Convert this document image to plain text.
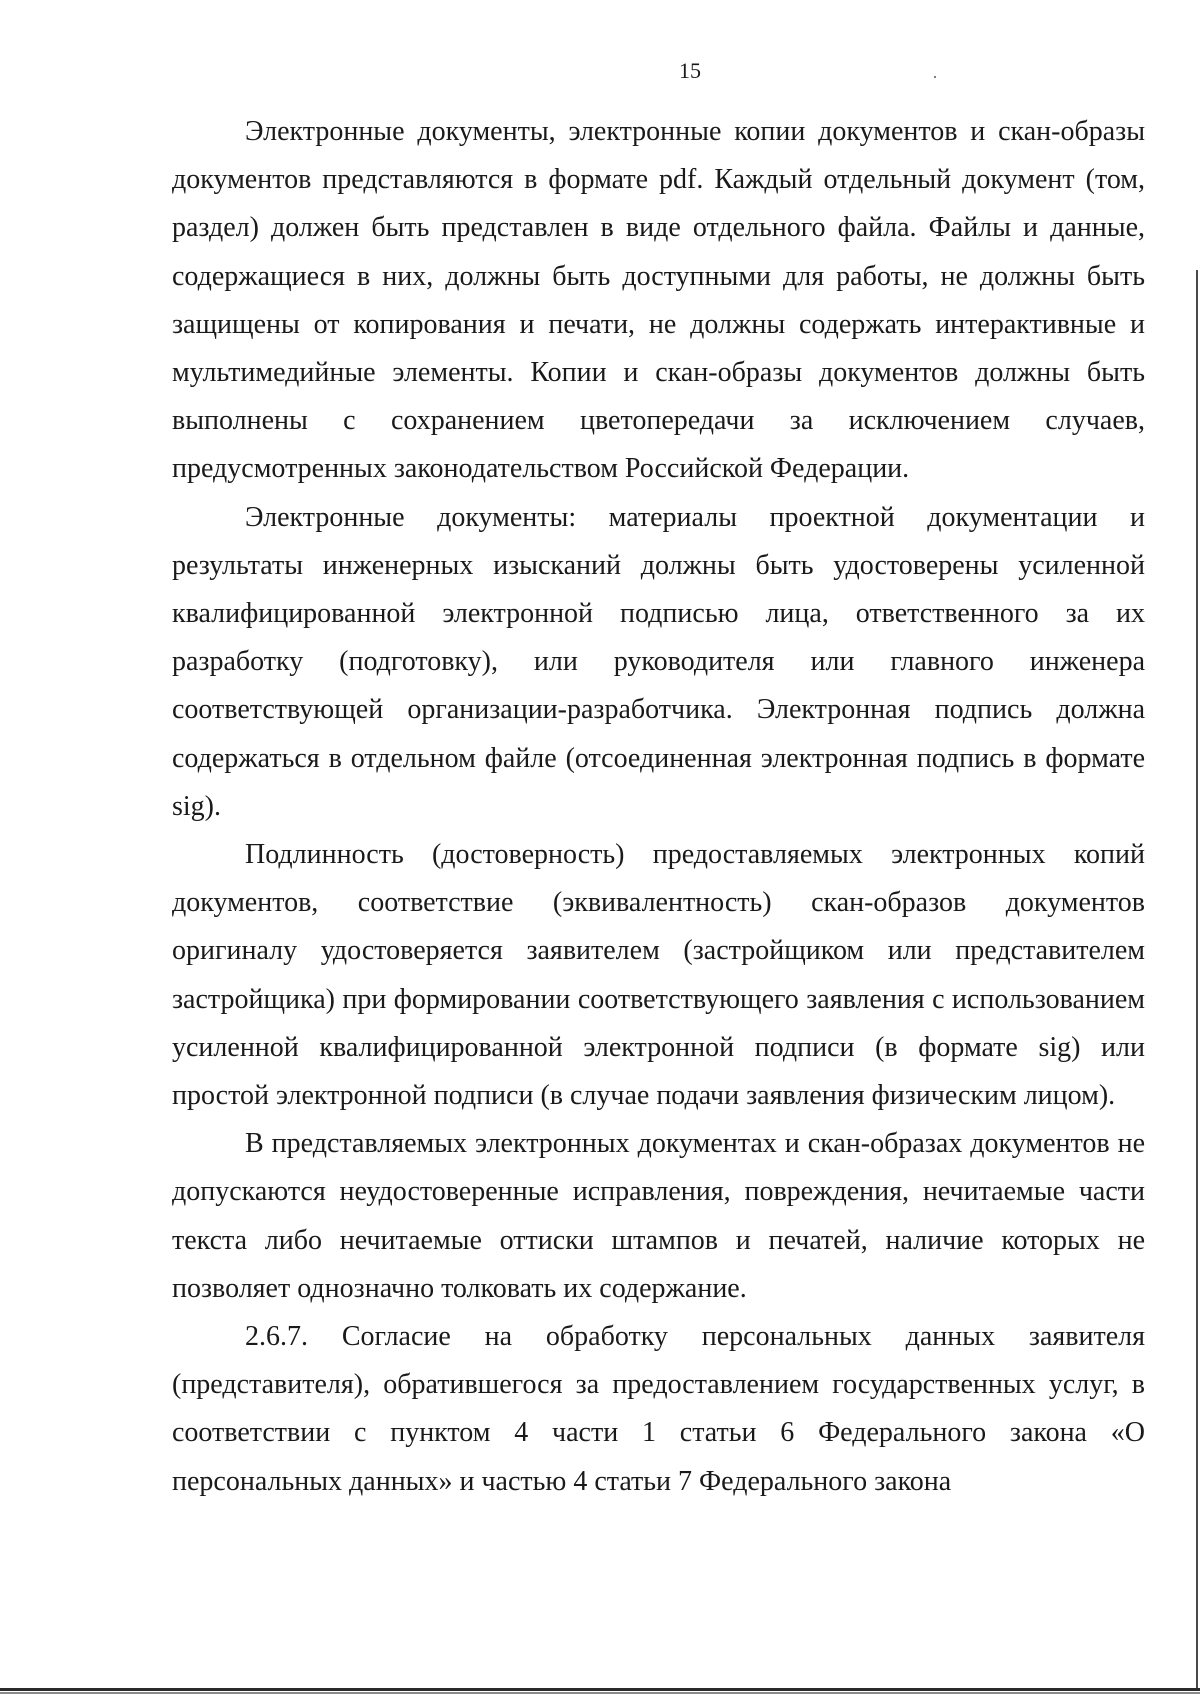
15

Электронные документы, электронные копии документов и скан-образы документов представляются в формате pdf. Каждый отдельный документ (том, раздел) должен быть представлен в виде отдельного файла. Файлы и данные, содержащиеся в них, должны быть доступными для работы, не должны быть защищены от копирования и печати, не должны содержать интерактивные и мультимедийные элементы. Копии и скан-образы документов должны быть выполнены с сохранением цветопередачи за исключением случаев, предусмотренных законодательством Российской Федерации.

Электронные документы: материалы проектной документации и результаты инженерных изысканий должны быть удостоверены усиленной квалифицированной электронной подписью лица, ответственного за их разработку (подготовку), или руководителя или главного инженера соответствующей организации-разработчика. Электронная подпись должна содержаться в отдельном файле (отсоединенная электронная подпись в формате sig).

Подлинность (достоверность) предоставляемых электронных копий документов, соответствие (эквивалентность) скан-образов документов оригиналу удостоверяется заявителем (застройщиком или представителем застройщика) при формировании соответствующего заявления с использованием усиленной квалифицированной электронной подписи (в формате sig) или простой электронной подписи (в случае подачи заявления физическим лицом).

В представляемых электронных документах и скан-образах документов не допускаются неудостоверенные исправления, повреждения, нечитаемые части текста либо нечитаемые оттиски штампов и печатей, наличие которых не позволяет однозначно толковать их содержание.

2.6.7. Согласие на обработку персональных данных заявителя (представителя), обратившегося за предоставлением государственных услуг, в соответствии с пунктом 4 части 1 статьи 6 Федерального закона «О персональных данных» и частью 4 статьи 7 Федерального закона
